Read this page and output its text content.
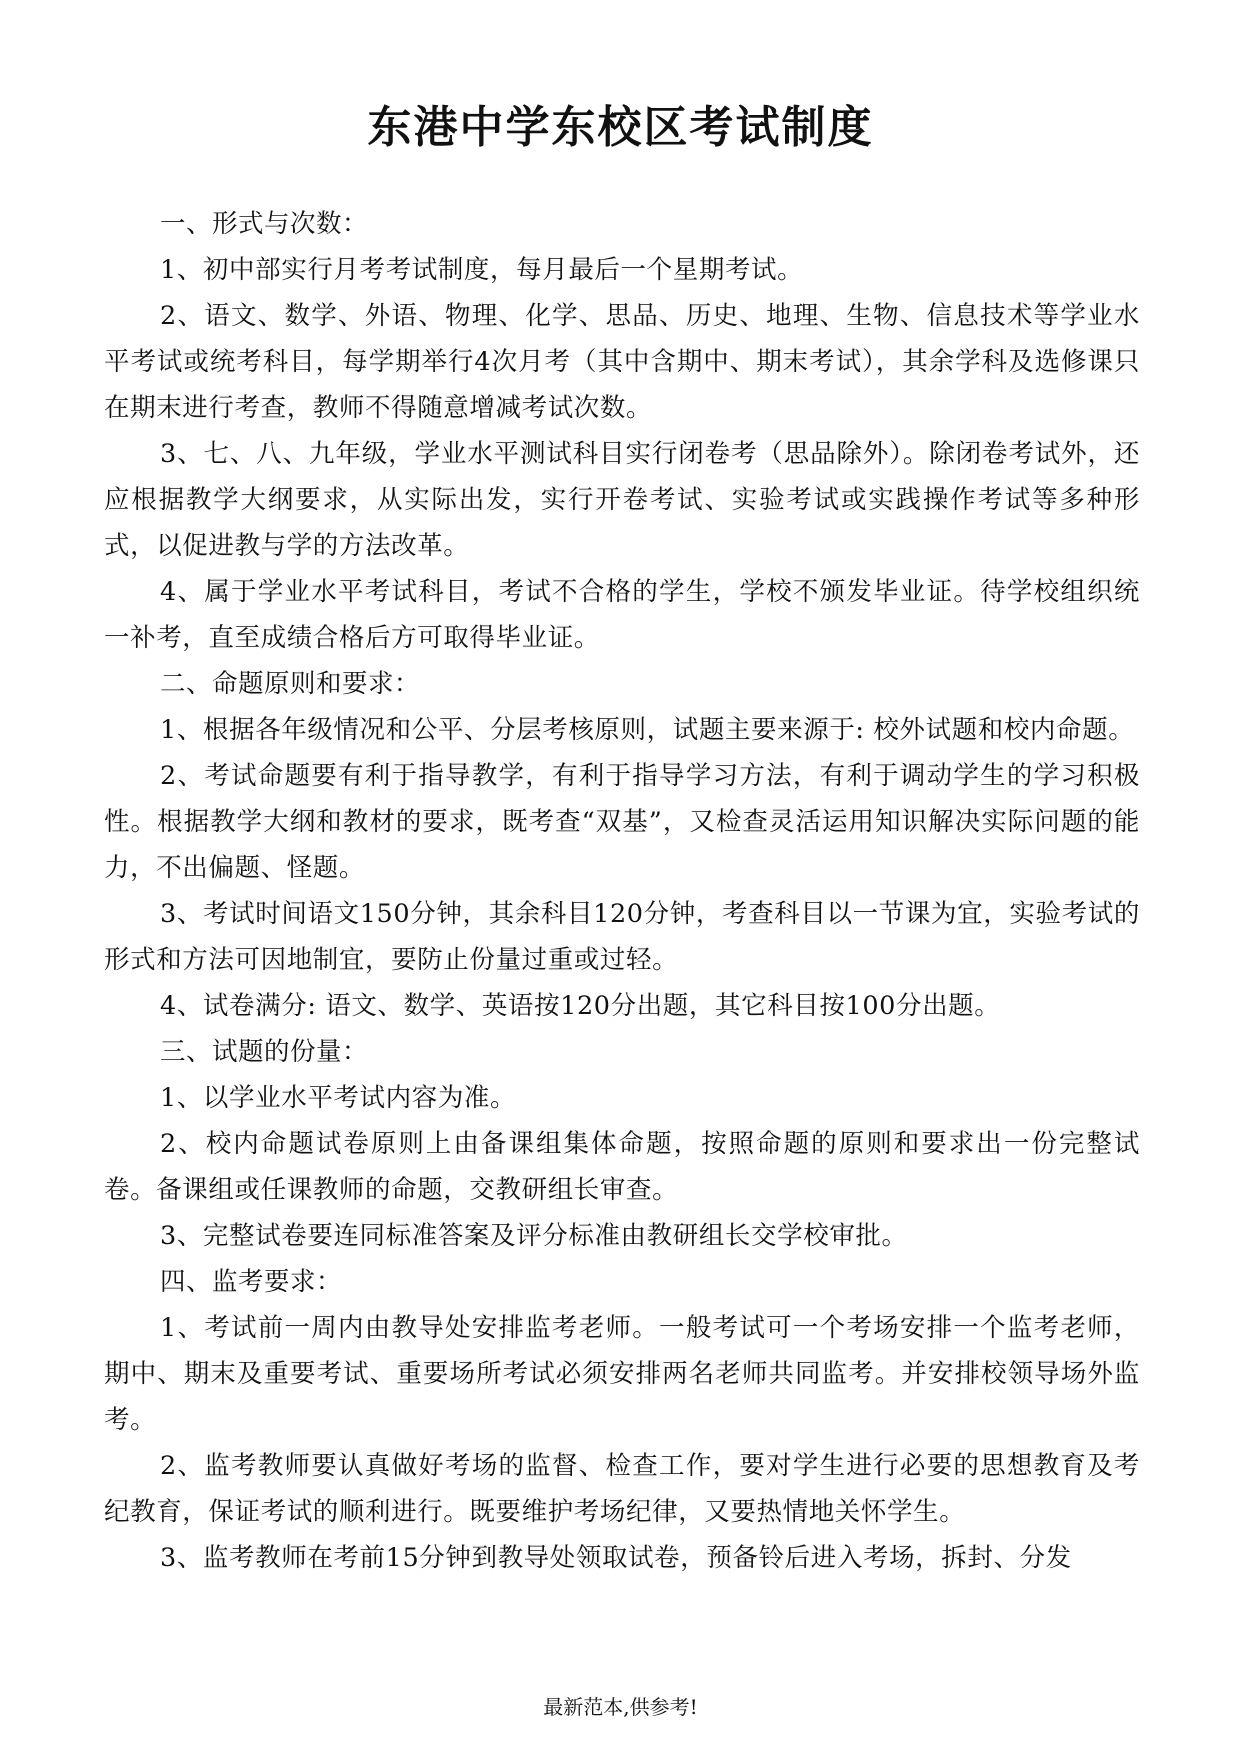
东港中学东校区考试制度

一、形式与次数：

1、初中部实行月考考试制度，每月最后一个星期考试。

2、语文、数学、外语、物理、化学、思品、历史、地理、生物、信息技术等学业水平考试或统考科目，每学期举行4次月考（其中含期中、期末考试），其余学科及选修课只在期末进行考查，教师不得随意增减考试次数。

3、七、八、九年级，学业水平测试科目实行闭卷考（思品除外）。除闭卷考试外，还应根据教学大纲要求，从实际出发，实行开卷考试、实验考试或实践操作考试等多种形式，以促进教与学的方法改革。

4、属于学业水平考试科目，考试不合格的学生，学校不颁发毕业证。待学校组织统一补考，直至成绩合格后方可取得毕业证。

二、命题原则和要求：

1、根据各年级情况和公平、分层考核原则，试题主要来源于: 校外试题和校内命题。

2、考试命题要有利于指导教学，有利于指导学习方法，有利于调动学生的学习积极性。根据教学大纲和教材的要求，既考查“双基”，又检查灵活运用知识解决实际问题的能力，不出偏题、怪题。

3、考试时间语文150分钟，其余科目120分钟，考查科目以一节课为宜，实验考试的形式和方法可因地制宜，要防止份量过重或过轻。

4、试卷满分: 语文、数学、英语按120分出题，其它科目按100分出题。

三、试题的份量：

1、以学业水平考试内容为准。

2、校内命题试卷原则上由备课组集体命题，按照命题的原则和要求出一份完整试卷。备课组或任课教师的命题，交教研组长审查。

3、完整试卷要连同标准答案及评分标准由教研组长交学校审批。

四、监考要求：

1、考试前一周内由教导处安排监考老师。一般考试可一个考场安排一个监考老师，期中、期末及重要考试、重要场所考试必须安排两名老师共同监考。并安排校领导场外监考。

2、监考教师要认真做好考场的监督、检查工作，要对学生进行必要的思想教育及考纪教育，保证考试的顺利进行。既要维护考场纪律，又要热情地关怀学生。

3、监考教师在考前15分钟到教导处领取试卷，预备铃后进入考场，拆封、分发

最新范本,供参考!
